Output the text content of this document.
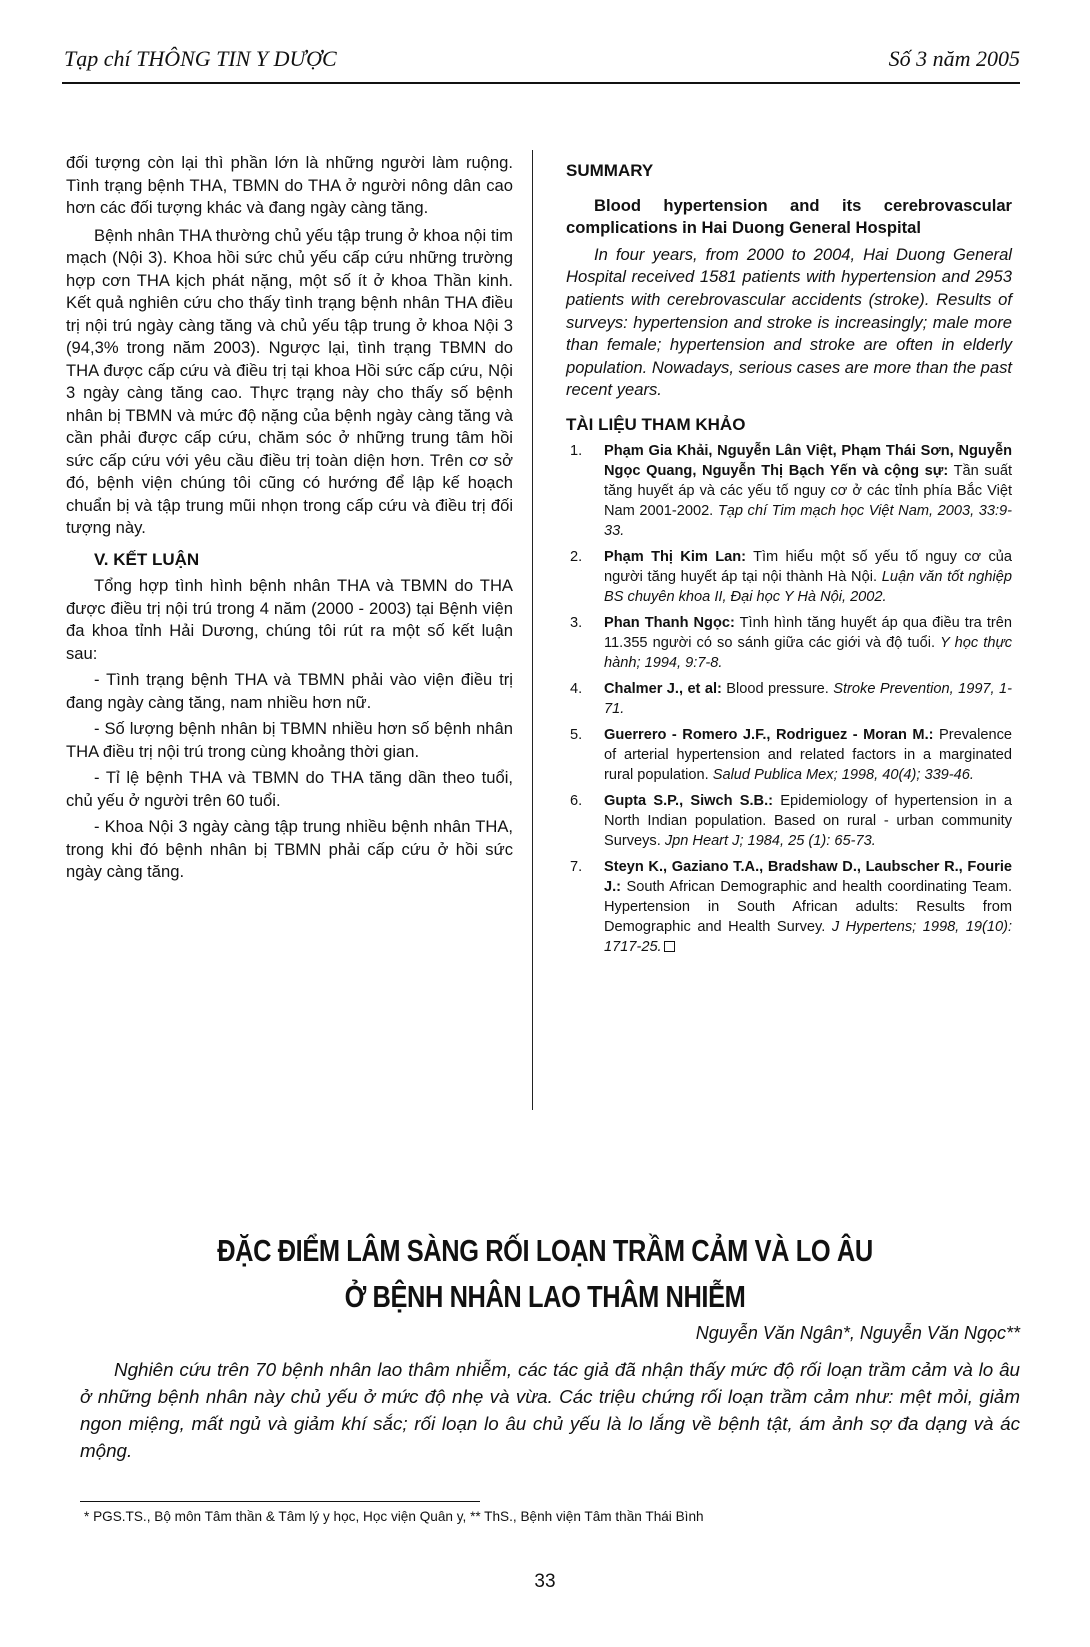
Tạp chí THÔNG TIN Y DƯỢC	Số 3 năm 2005

đối tượng còn lại thì phần lớn là những người làm ruộng. Tình trạng bệnh THA, TBMN do THA ở người nông dân cao hơn các đối tượng khác và đang ngày càng tăng.

Bệnh nhân THA thường chủ yếu tập trung ở khoa nội tim mạch (Nội 3). Khoa hồi sức chủ yếu cấp cứu những trường hợp cơn THA kịch phát nặng, một số ít ở khoa Thần kinh. Kết quả nghiên cứu cho thấy tình trạng bệnh nhân THA điều trị nội trú ngày càng tăng và chủ yếu tập trung ở khoa Nội 3 (94,3% trong năm 2003). Ngược lại, tình trạng TBMN do THA được cấp cứu và điều trị tại khoa Hồi sức cấp cứu, Nội 3 ngày càng tăng cao. Thực trạng này cho thấy số bệnh nhân bị TBMN và mức độ nặng của bệnh ngày càng tăng và cần phải được cấp cứu, chăm sóc ở những trung tâm hồi sức cấp cứu với yêu cầu điều trị toàn diện hơn. Trên cơ sở đó, bệnh viện chúng tôi cũng có hướng để lập kế hoạch chuẩn bị và tập trung mũi nhọn trong cấp cứu và điều trị đối tượng này.

V. KẾT LUẬN

Tổng hợp tình hình bệnh nhân THA và TBMN do THA được điều trị nội trú trong 4 năm (2000 - 2003) tại Bệnh viện đa khoa tỉnh Hải Dương, chúng tôi rút ra một số kết luận sau:

- Tình trạng bệnh THA và TBMN phải vào viện điều trị đang ngày càng tăng, nam nhiều hơn nữ.

- Số lượng bệnh nhân bị TBMN nhiều hơn số bệnh nhân THA điều trị nội trú trong cùng khoảng thời gian.

- Tỉ lệ bệnh THA và TBMN do THA tăng dần theo tuổi, chủ yếu ở người trên 60 tuổi.

- Khoa Nội 3 ngày càng tập trung nhiều bệnh nhân THA, trong khi đó bệnh nhân bị TBMN phải cấp cứu ở hồi sức ngày càng tăng.

SUMMARY

Blood hypertension and its cerebrovascular complications in Hai Duong General Hospital

In four years, from 2000 to 2004, Hai Duong General Hospital received 1581 patients with hypertension and 2953 patients with cerebrovascular accidents (stroke). Results of surveys: hypertension and stroke is increasingly; male more than female; hypertension and stroke are often in elderly population. Nowadays, serious cases are more than the past recent years.

TÀI LIỆU THAM KHẢO
1. Phạm Gia Khải, Nguyễn Lân Việt, Phạm Thái Sơn, Nguyễn Ngọc Quang, Nguyễn Thị Bạch Yến và cộng sự: Tần suất tăng huyết áp và các yếu tố nguy cơ ở các tỉnh phía Bắc Việt Nam 2001-2002. Tạp chí Tim mạch học Việt Nam, 2003, 33:9-33.
2. Phạm Thị Kim Lan: Tìm hiểu một số yếu tố nguy cơ của người tăng huyết áp tại nội thành Hà Nội. Luận văn tốt nghiệp BS chuyên khoa II, Đại học Y Hà Nội, 2002.
3. Phan Thanh Ngọc: Tình hình tăng huyết áp qua điều tra trên 11.355 người có so sánh giữa các giới và độ tuổi. Y học thực hành; 1994, 9:7-8.
4. Chalmer J., et al: Blood pressure. Stroke Prevention, 1997, 1-71.
5. Guerrero - Romero J.F., Rodriguez - Moran M.: Prevalence of arterial hypertension and related factors in a marginated rural population. Salud Publica Mex; 1998, 40(4); 339-46.
6. Gupta S.P., Siwch S.B.: Epidemiology of hypertension in a North Indian population. Based on rural - urban community Surveys. Jpn Heart J; 1984, 25 (1): 65-73.
7. Steyn K., Gaziano T.A., Bradshaw D., Laubscher R., Fourie J.: South African Demographic and health coordinating Team. Hypertension in South African adults: Results from Demographic and Health Survey. J Hypertens; 1998, 19(10): 1717-25.
ĐẶC ĐIỂM LÂM SÀNG RỐI LOẠN TRẦM CẢM VÀ LO ÂU
Ở BỆNH NHÂN LAO THÂM NHIỄM
Nguyễn Văn Ngân*, Nguyễn Văn Ngọc**
Nghiên cứu trên 70 bệnh nhân lao thâm nhiễm, các tác giả đã nhận thấy mức độ rối loạn trầm cảm và lo âu ở những bệnh nhân này chủ yếu ở mức độ nhẹ và vừa. Các triệu chứng rối loạn trầm cảm như: mệt mỏi, giảm ngon miệng, mất ngủ và giảm khí sắc; rối loạn lo âu chủ yếu là lo lắng về bệnh tật, ám ảnh sợ đa dạng và ác mộng.
* PGS.TS., Bộ môn Tâm thần & Tâm lý y học, Học viện Quân y, ** ThS., Bệnh viện Tâm thần Thái Bình
33
